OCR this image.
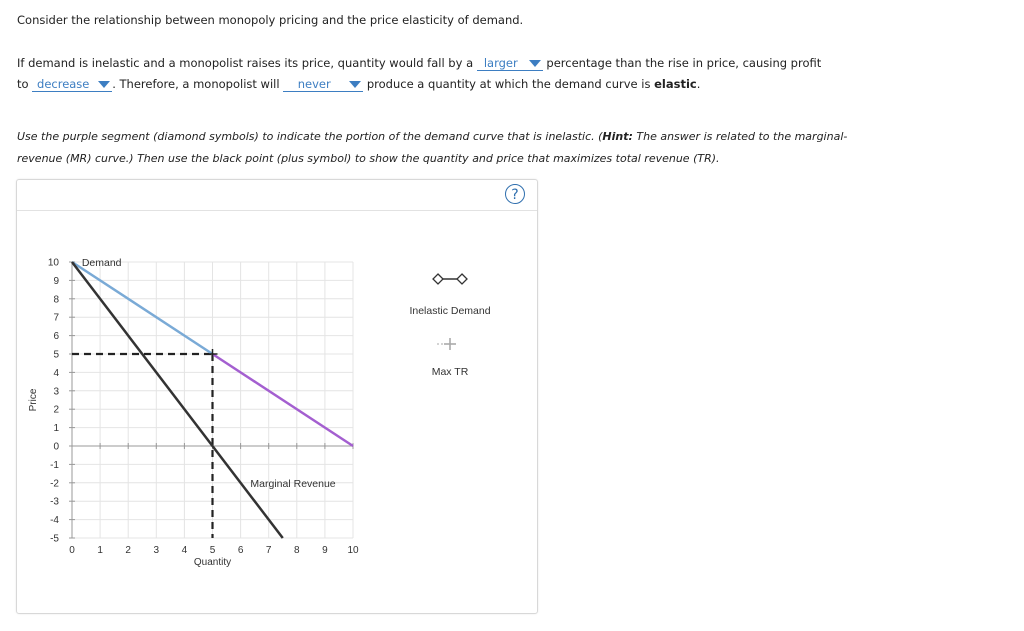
Consider the relationship between monopoly pricing and the price elasticity of demand.
If demand is inelastic and a monopolist raises its price, quantity would fall by a larger percentage than the rise in price, causing profit
to decrease . Therefore, a monopolist will never	produce a quantity at which the demand curve is elastic.
Use the purple segment (diamond symbols) to indicate the portion of the demand curve that is inelastic. (Hint: The answer is related to the marginal-
revenue (MR) curve.) Then use the black point (plus symbol) to show the quantity and price that maximizes total revenue (TR).
?
10
9
8
7
6
5
4
3
2
1
0
-1
-2
-3
-4
-5
0 1 2 3 4 5 6 7 8 9 10
Quantity
Price
Demand
Marginal Revenue
Inelastic Demand
Max TR
